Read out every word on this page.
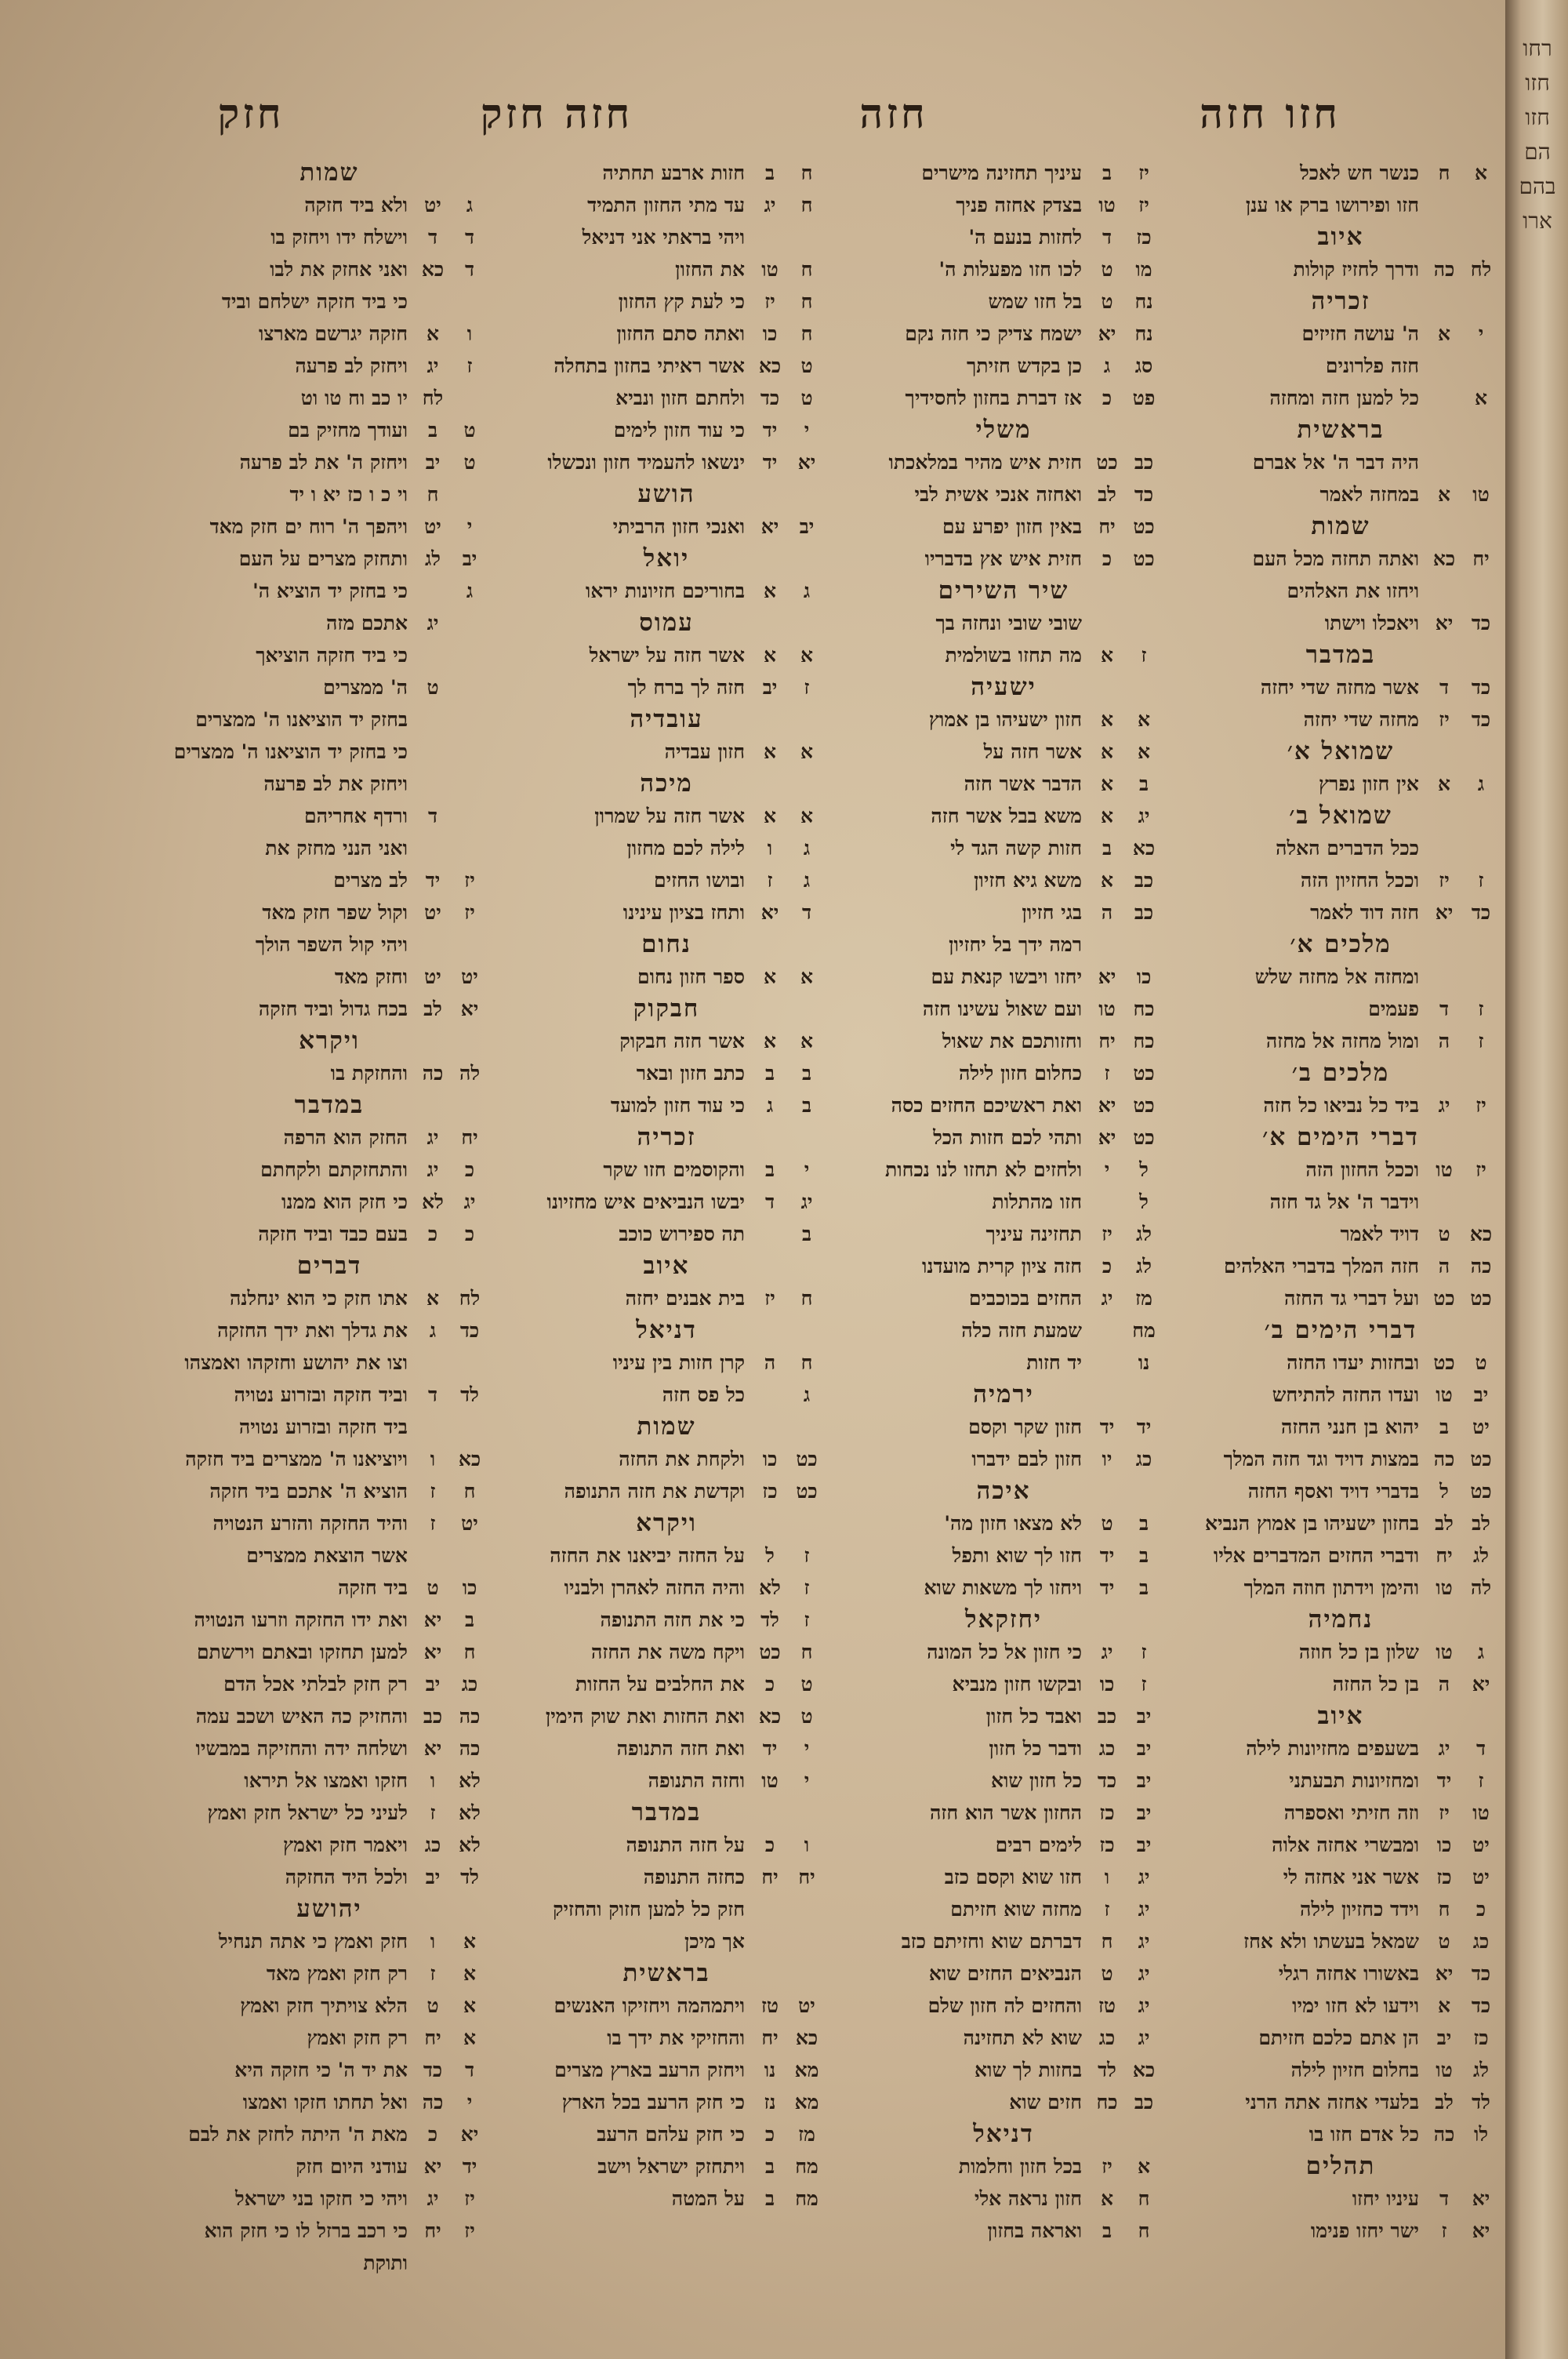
רחו
חזו
חזו
הם
בהם
ארו
חזו חזה
חזה
חזה חזק
חזק
א
ח
כנשר חש לאכל
חזו ופירושו ברק או ענן
איוב
לח
כה
ודרך לחזיז קולות
זכריה
י
א
ה' עושה חזיזים
חזה פלרונים
א
כל למען חזה ומחזה
בראשית
היה דבר ה' אל אברם
טו
א
במחזה לאמר
שמות
יח
כא
ואתה תחזה מכל העם
ויחזו את האלהים
כד
יא
ויאכלו וישתו
במדבר
כד
ד
אשר מחזה שדי יחזה
כד
יז
מחזה שדי יחזה
שמואל א׳
ג
א
אין חזון נפרץ
שמואל ב׳
ככל הדברים האלה
ז
יז
וככל החזיון הזה
כד
יא
חזה דוד לאמר
מלכים א׳
ומחזה אל מחזה שלש
ז
ד
פעמים
ז
ה
ומול מחזה אל מחזה
מלכים ב׳
יז
יג
ביד כל נביאו כל חזה
דברי הימים א׳
יז
טו
וככל החזון הזה
וידבר ה' אל גד חזה
כא
ט
דויד לאמר
כה
ה
חזה המלך בדברי האלהים
כט
כט
ועל דברי גד החזה
דברי הימים ב׳
ט
כט
ובחזות יעדו החזה
יב
טו
ועדו החזה להתיחש
יט
ב
יהוא בן חנני החזה
כט
כה
במצות דויד וגד חזה המלך
כט
ל
בדברי דויד ואסף החזה
לב
לב
בחזון ישעיהו בן אמוץ הנביא
לג
יח
ודברי החזים המדברים אליו
לה
טו
והימן וידתון חוזה המלך
נחמיה
ג
טו
שלון בן כל חוזה
יא
ה
בן כל החזה
איוב
ד
יג
בשעפים מחזיונות לילה
ז
יד
ומחזיונות תבעתני
טו
יז
וזה חזיתי ואספרה
יט
כו
ומבשרי אחזה אלוה
יט
כז
אשר אני אחזה לי
כ
ח
וידד כחזיון לילה
כג
ט
שמאל בעשתו ולא אחז
כד
יא
באשורו אחזה רגלי
כד
א
וידעו לא חזו ימיו
כז
יב
הן אתם כלכם חזיתם
לג
טו
בחלום חזיון לילה
לד
לב
בלעדי אחזה אתה הרני
לו
כה
כל אדם חזו בו
תהלים
יא
ד
עיניו יחזו
יא
ז
ישר יחזו פנימו
יז
ב
עיניך תחזינה מישרים
יז
טו
בצדק אחזה פניך
כז
ד
לחזות בנעם ה'
מו
ט
לכו חזו מפעלות ה'
נח
ט
בל חזו שמש
נח
יא
ישמח צדיק כי חזה נקם
סג
ג
כן בקדש חזיתך
פט
כ
אז דברת בחזון לחסידיך
משלי
כב
כט
חזית איש מהיר במלאכתו
כד
לב
ואחזה אנכי אשית לבי
כט
יח
באין חזון יפרע עם
כט
כ
חזית איש אץ בדבריו
שיר השירים
שובי שובי ונחזה בך
ז
א
מה תחזו בשולמית
ישעיה
א
א
חזון ישעיהו בן אמוץ
א
א
אשר חזה על
ב
א
הדבר אשר חזה
יג
א
משא בבל אשר חזה
כא
ב
חזות קשה הגד לי
כב
א
משא גיא חזיון
כב
ה
בגי חזיון
רמה ידך בל יחזיון
כו
יא
יחזו ויבשו קנאת עם
כח
טו
ועם שאול עשינו חזה
כח
יח
וחזותכם את שאול
כט
ז
כחלום חזון לילה
כט
יא
ואת ראשיכם החזים כסה
כט
יא
ותהי לכם חזות הכל
ל
י
ולחזים לא תחזו לנו נכחות
ל
חזו מהתלות
לג
יז
תחזינה עיניך
לג
כ
חזה ציון קרית מועדנו
מז
יג
החזים בכוכבים
מח
שמעת חזה כלה
נו
יד חזות
ירמיה
יד
יד
חזון שקר וקסם
כג
יו
חזון לבם ידברו
איכה
ב
ט
לא מצאו חזון מה'
ב
יד
חזו לך שוא ותפל
ב
יד
ויחזו לך משאות שוא
יחזקאל
ז
יג
כי חזון אל כל המונה
ז
כו
ובקשו חזון מנביא
יב
כב
ואבד כל חזון
יב
כג
ודבר כל חזון
יב
כד
כל חזון שוא
יב
כז
החזון אשר הוא חזה
יב
כז
לימים רבים
יג
ו
חזו שוא וקסם כזב
יג
ז
מחזה שוא חזיתם
יג
ח
דברתם שוא וחזיתם כזב
יג
ט
הנביאים החזים שוא
יג
טז
והחזים לה חזון שלם
יג
כג
שוא לא תחזינה
כא
לד
בחזות לך שוא
כב
כח
חזים שוא
דניאל
א
יז
בכל חזון וחלמות
ח
א
חזון נראה אלי
ח
ב
ואראה בחזון
ח
ב
חזות ארבע תחתיה
ח
יג
עד מתי החזון התמיד
ויהי בראתי אני דניאל
ח
טו
את החזון
ח
יז
כי לעת קץ החזון
ח
כו
ואתה סתם החזון
ט
כא
אשר ראיתי בחזון בתחלה
ט
כד
ולחתם חזון ונביא
י
יד
כי עוד חזון לימים
יא
יד
ינשאו להעמיד חזון ונכשלו
הושע
יב
יא
ואנכי חזון הרביתי
יואל
ג
א
בחוריכם חזיונות יראו
עמוס
א
א
אשר חזה על ישראל
ז
יב
חזה לך ברח לך
עובדיה
א
א
חזון עבדיה
מיכה
א
א
אשר חזה על שמרון
ג
ו
לילה לכם מחזון
ג
ז
ובושו החזים
ד
יא
ותחז בציון עינינו
נחום
א
א
ספר חזון נחום
חבקוק
א
א
אשר חזה חבקוק
ב
ב
כתב חזון ובאר
ב
ג
כי עוד חזון למועד
זכריה
י
ב
והקוסמים חזו שקר
יג
ד
יבשו הנביאים איש מחזיונו
ב
תה ספירוש כוכב
איוב
ח
יז
בית אבנים יחזה
דניאל
ח
ה
קרן חזות בין עיניו
ג
כל פס חזה
שמות
כט
כו
ולקחת את החזה
כט
כז
וקדשת את חזה התנופה
ויקרא
ז
ל
על החזה יביאנו את החזה
ז
לא
והיה החזה לאהרן ולבניו
ז
לד
כי את חזה התנופה
ח
כט
ויקח משה את החזה
ט
כ
את החלבים על החזות
ט
כא
ואת החזות ואת שוק הימין
י
יד
ואת חזה התנופה
י
טו
וחזה התנופה
במדבר
ו
כ
על חזה התנופה
יח
יח
כחזה התנופה
חזק כל למען חזוק והחזיק
אך מיכן
בראשית
יט
טז
ויתמהמה ויחזיקו האנשים
כא
יח
והחזיקי את ידך בו
מא
נו
ויחזק הרעב בארץ מצרים
מא
נז
כי חזק הרעב בכל הארץ
מז
כ
כי חזק עלהם הרעב
מח
ב
ויתחזק ישראל וישב
מח
ב
על המטה
שמות
ג
יט
ולא ביד חזקה
ד
ד
וישלח ידו ויחזק בו
ד
כא
ואני אחזק את לבו
כי ביד חזקה ישלחם וביד
ו
א
חזקה יגרשם מארצו
ז
יג
ויחזק לב פרעה
לח
יו כב וח טו וט
ט
ב
ועודך מחזיק בם
ט
יב
ויחזק ה' את לב פרעה
ח
וי כ ו כז יא ו יד
י
יט
ויהפך ה' רוח ים חזק מאד
יב
לג
ותחזק מצרים על העם
ג
כי בחזק יד הוציא ה'
יג
אתכם מזה
כי ביד חזקה הוציאך
ט
ה' ממצרים
בחזק יד הוציאנו ה' ממצרים
כי בחזק יד הוציאנו ה' ממצרים
ויחזק את לב פרעה
ד
ורדף אחריהם
ואני הנני מחזק את
יז
יד
לב מצרים
יז
יט
וקול שפר חזק מאד
ויהי קול השפר הולך
יט
יט
וחזק מאד
יא
לב
בכח גדול וביד חזקה
ויקרא
לה
כה
והחזקת בו
במדבר
יח
יג
החזק הוא הרפה
כ
יג
והתחזקתם ולקחתם
יג
לא
כי חזק הוא ממנו
כ
כ
בעם כבד וביד חזקה
דברים
לח
א
אתו חזק כי הוא ינחלנה
כד
ג
את גדלך ואת ידך החזקה
וצו את יהושע וחזקהו ואמצהו
לד
ד
וביד חזקה ובזרוע נטויה
ביד חזקה ובזרוע נטויה
כא
ו
ויוציאנו ה' ממצרים ביד חזקה
ח
ז
הוציא ה' אתכם ביד חזקה
יט
ז
והיד החזקה והזרע הנטויה
אשר הוצאת ממצרים
כו
ט
ביד חזקה
ב
יא
ואת ידו החזקה וזרעו הנטויה
ח
יא
למען תחזקו ובאתם וירשתם
כג
יב
רק חזק לבלתי אכל הדם
כה
כב
והחזיק כה האיש ושכב עמה
כה
יא
ושלחה ידה והחזיקה במבשיו
לא
ו
חזקו ואמצו אל תיראו
לא
ז
לעיני כל ישראל חזק ואמץ
לא
כג
ויאמר חזק ואמץ
לד
יב
ולכל היד החזקה
יהושע
א
ו
חזק ואמץ כי אתה תנחיל
א
ז
רק חזק ואמץ מאד
א
ט
הלא צויתיך חזק ואמץ
א
יח
רק חזק ואמץ
ד
כד
את יד ה' כי חזקה היא
י
כה
ואל תחתו חזקו ואמצו
יא
כ
מאת ה' היתה לחזק את לבם
יד
יא
עודני היום חזק
יז
יג
ויהי כי חזקו בני ישראל
יז
יח
כי רכב ברזל לו כי חזק הוא
ותוקת
